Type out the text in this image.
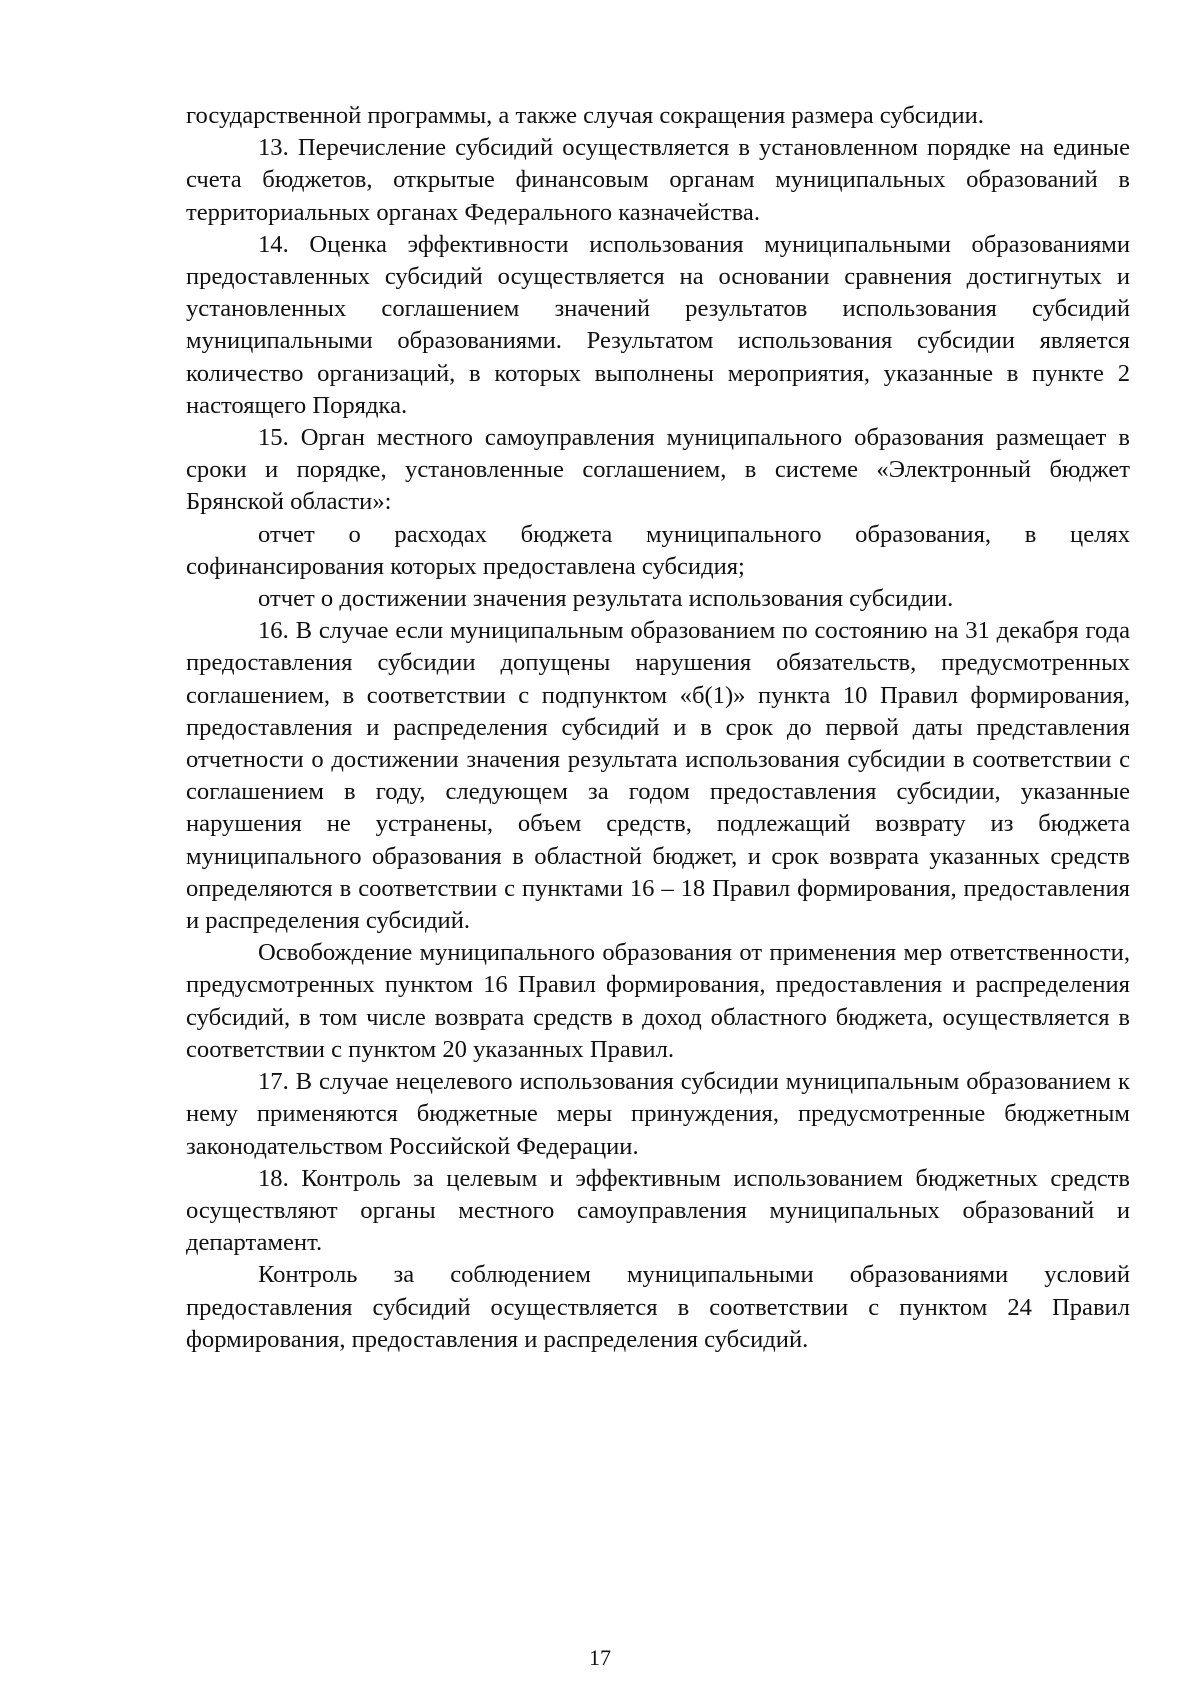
государственной программы, а также случая сокращения размера субсидии.

13. Перечисление субсидий осуществляется в установленном порядке на единые счета бюджетов, открытые финансовым органам муниципальных образований в территориальных органах Федерального казначейства.

14. Оценка эффективности использования муниципальными образованиями предоставленных субсидий осуществляется на основании сравнения достигнутых и установленных соглашением значений результатов использования субсидий муниципальными образованиями. Результатом использования субсидии является количество организаций, в которых выполнены мероприятия, указанные в пункте 2 настоящего Порядка.

15. Орган местного самоуправления муниципального образования размещает в сроки и порядке, установленные соглашением, в системе «Электронный бюджет Брянской области»:

отчет о расходах бюджета муниципального образования, в целях софинансирования которых предоставлена субсидия;

отчет о достижении значения результата использования субсидии.

16. В случае если муниципальным образованием по состоянию на 31 декабря года предоставления субсидии допущены нарушения обязательств, предусмотренных соглашением, в соответствии с подпунктом «б(1)» пункта 10 Правил формирования, предоставления и распределения субсидий и в срок до первой даты представления отчетности о достижении значения результата использования субсидии в соответствии с соглашением в году, следующем за годом предоставления субсидии, указанные нарушения не устранены, объем средств, подлежащий возврату из бюджета муниципального образования в областной бюджет, и срок возврата указанных средств определяются в соответствии с пунктами 16 – 18 Правил формирования, предоставления и распределения субсидий.

Освобождение муниципального образования от применения мер ответственности, предусмотренных пунктом 16 Правил формирования, предоставления и распределения субсидий, в том числе возврата средств в доход областного бюджета, осуществляется в соответствии с пунктом 20 указанных Правил.

17. В случае нецелевого использования субсидии муниципальным образованием к нему применяются бюджетные меры принуждения, предусмотренные бюджетным законодательством Российской Федерации.

18. Контроль за целевым и эффективным использованием бюджетных средств осуществляют органы местного самоуправления муниципальных образований и департамент.

Контроль за соблюдением муниципальными образованиями условий предоставления субсидий осуществляется в соответствии с пунктом 24 Правил формирования, предоставления и распределения субсидий.

17
